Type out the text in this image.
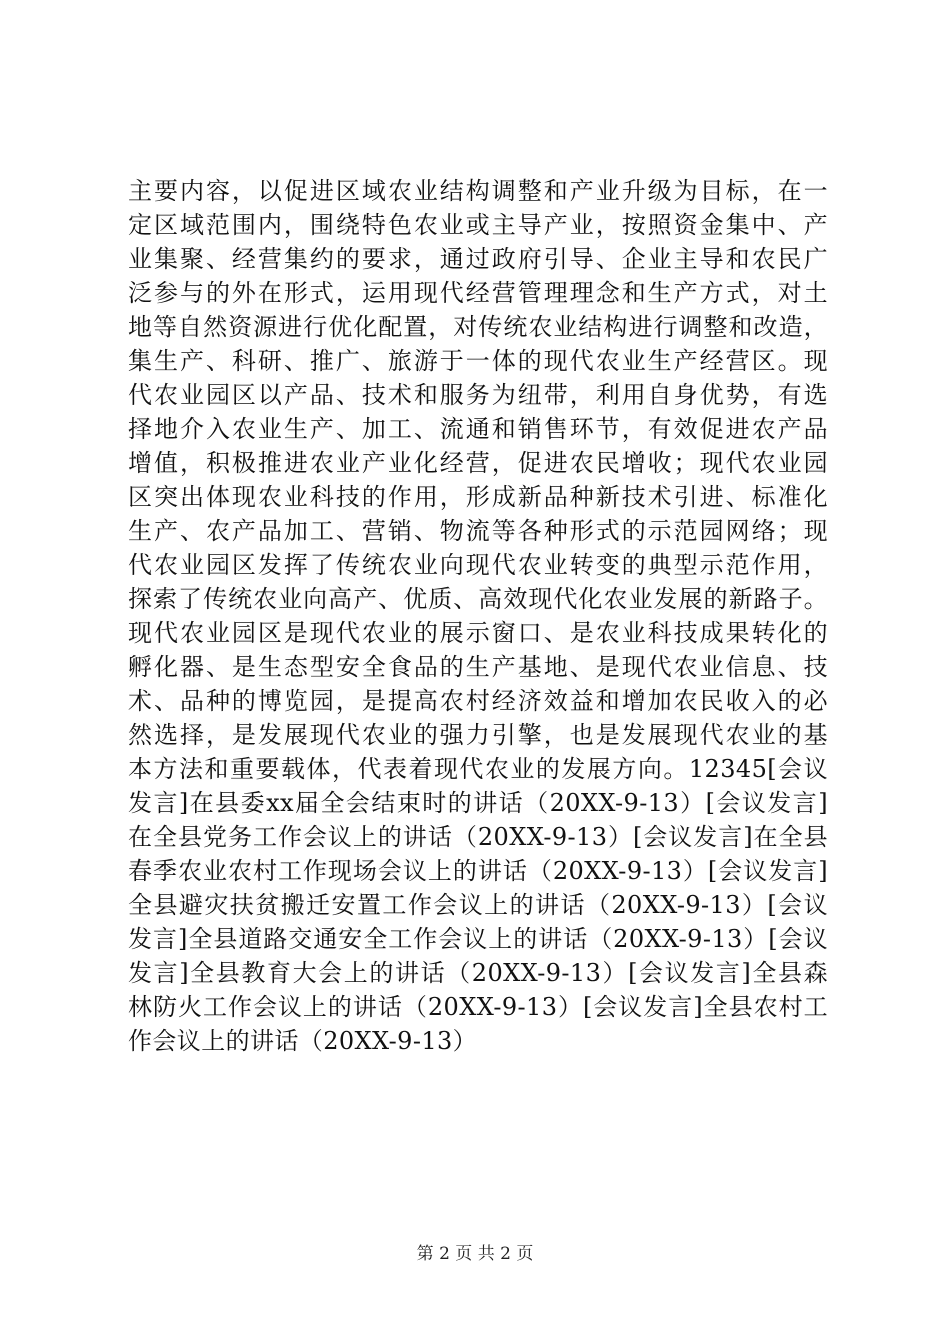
主要内容，以促进区域农业结构调整和产业升级为目标，在一
定区域范围内，围绕特色农业或主导产业，按照资金集中、产
业集聚、经营集约的要求，通过政府引导、企业主导和农民广
泛参与的外在形式，运用现代经营管理理念和生产方式，对土
地等自然资源进行优化配置，对传统农业结构进行调整和改造，
集生产、科研、推广、旅游于一体的现代农业生产经营区。现
代农业园区以产品、技术和服务为纽带，利用自身优势，有选
择地介入农业生产、加工、流通和销售环节，有效促进农产品
增值，积极推进农业产业化经营，促进农民增收；现代农业园
区突出体现农业科技的作用，形成新品种新技术引进、标准化
生产、农产品加工、营销、物流等各种形式的示范园网络；现
代农业园区发挥了传统农业向现代农业转变的典型示范作用，
探索了传统农业向高产、优质、高效现代化农业发展的新路子。
现代农业园区是现代农业的展示窗口、是农业科技成果转化的
孵化器、是生态型安全食品的生产基地、是现代农业信息、技
术、品种的博览园，是提高农村经济效益和增加农民收入的必
然选择，是发展现代农业的强力引擎，也是发展现代农业的基
本方法和重要载体，代表着现代农业的发展方向。12345[会议
发言]在县委xx届全会结束时的讲话（20XX-9-13）[会议发言]
在全县党务工作会议上的讲话（20XX-9-13）[会议发言]在全县
春季农业农村工作现场会议上的讲话（20XX-9-13）[会议发言]
全县避灾扶贫搬迁安置工作会议上的讲话（20XX-9-13）[会议
发言]全县道路交通安全工作会议上的讲话（20XX-9-13）[会议
发言]全县教育大会上的讲话（20XX-9-13）[会议发言]全县森
林防火工作会议上的讲话（20XX-9-13）[会议发言]全县农村工
作会议上的讲话（20XX-9-13）
第 2 页 共 2 页
